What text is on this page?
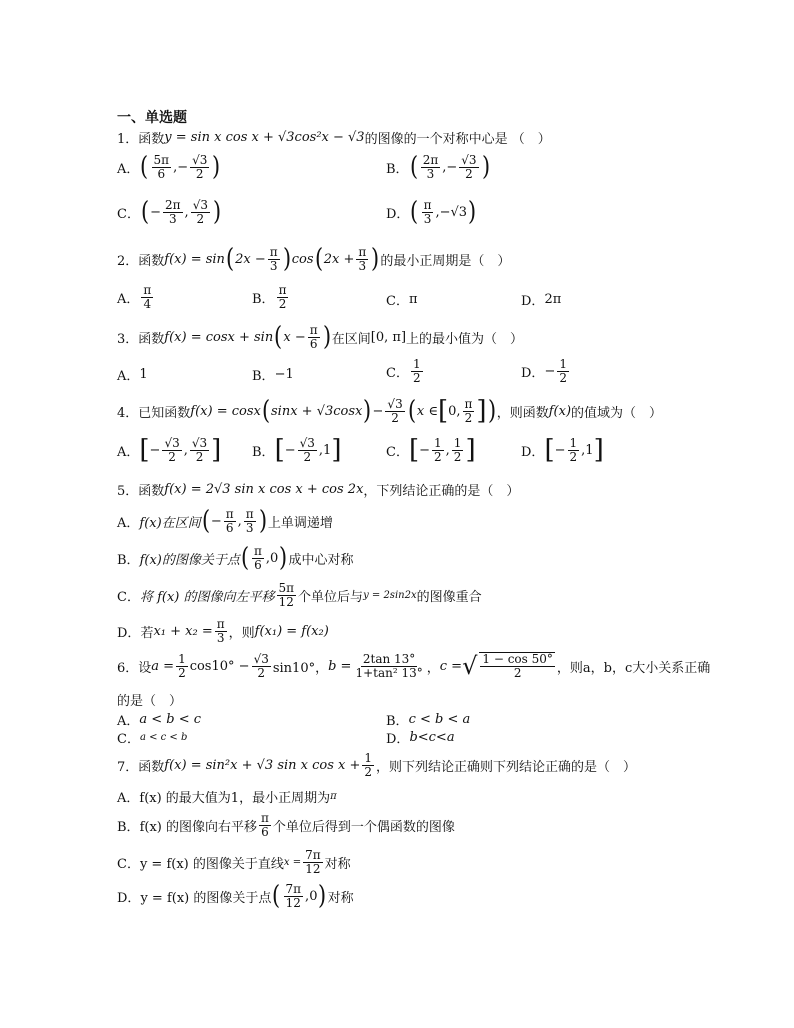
一、单选题
1．函数 y = sin x cos x + √3cos²x − √3 的图像的一个对称中心是 （　）
A． ( $\frac{5\pi}{6}$ ,− $\frac{√3}{2}$ )	B． ( $\frac{2\pi}{3}$ ,− $\frac{√3}{2}$ )
C． ( − $\frac{2\pi}{3}$ , $\frac{√3}{2}$ )	D． ( $\frac{\pi}{3}$ , −√3 )
2．函数 f(x) = sin ( $2x - \frac{\pi}{3}$ ) cos ( $2x + \frac{\pi}{3}$ ) 的最小正周期是（　）
A． $\frac{\pi}{4}$	B． $\frac{\pi}{2}$	C． π	D． 2π
3．函数 f(x) = cosx + sin ( $x - \frac{\pi}{6}$ ) 在区间 [ 0, π ] 上的最小值为（　）
A． 1	B． −1	C． $\frac{1}{2}$	D． − $\frac{1}{2}$
4．已知函数 f(x) = cosx ( sinx + √3cosx ) − $\frac{√3}{2}$ ( x ∈ [ 0, $\frac{\pi}{2}$ ] ) ，则函数 f(x) 的值域为（　）
A． [ − $\frac{√3}{2}$ , $\frac{√3}{2}$ ] B． [ − $\frac{√3}{2}$ , 1 ]	C． [ − $\frac{1}{2}$ , $\frac{1}{2}$ ]	D． [ − $\frac{1}{2}$ , 1 ]
5．函数 f(x) = 2√3 sin x cos x + cos 2x ，下列结论正确的是（　）
A． f(x)在区间 ( − $\frac{\pi}{6}$ , $\frac{\pi}{3}$ ) 上单调递增
B． f(x)的图像关于点 ( $\frac{\pi}{6}$ , 0 ) 成中心对称
C． 将 f(x) 的图像向左平移 $\frac{5\pi}{12}$ 个单位后与 y = 2sin2x 的图像重合
D． 若 $x_1 + x_2 = \frac{\pi}{3}$ ，则 f(x₁) = f(x₂)
6．设 $a = \frac{1}{2} \cos 10^\circ - \frac{√3}{2} \sin 10^\circ$， $b = \frac{2\tan 13^\circ}{\text{1+tan² 13°}}$ ， c = √ $\frac{1 - \cos 50^\circ}{2}$ ，则a，b，c大小关系正确
的是（　）
A． a < b < c	B． c < b < a
C． a < c < b	D． b<c<a
7．函数 f(x) = sin²x + √3 sin x $\cos x + \frac{1}{2}$ ，则下列结论正确则下列结论正确的是（　）
A． f(x) 的最大值为1，最小正周期为 π
B． f(x) 的图像向右平移 $\frac{\pi}{6}$ 个单位后得到一个偶函数的图像
C． y = f(x) 的图像关于直线 $x = \frac{7\pi}{12}$ 对称
D． y = f(x) 的图像关于点 ( $\frac{7\pi}{12}$ , 0 ) 对称
